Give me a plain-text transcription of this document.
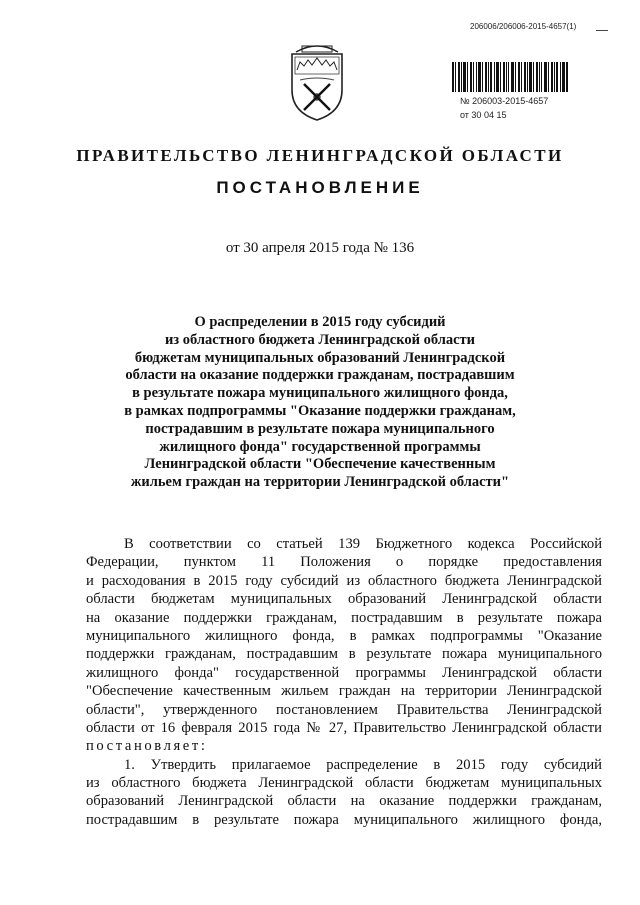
206006/206006-2015-4657(1)
№ 206003-2015-4657
от 30 04 15
ПРАВИТЕЛЬСТВО ЛЕНИНГРАДСКОЙ ОБЛАСТИ
ПОСТАНОВЛЕНИЕ
от 30 апреля 2015 года № 136
О распределении в 2015 году субсидий
из областного бюджета Ленинградской области
бюджетам муниципальных образований Ленинградской
области на оказание поддержки гражданам, пострадавшим
в результате пожара муниципального жилищного фонда,
в рамках подпрограммы "Оказание поддержки гражданам,
пострадавшим в результате пожара муниципального
жилищного фонда" государственной программы
Ленинградской области "Обеспечение качественным
жильем граждан на территории Ленинградской области"
В соответствии со статьей 139 Бюджетного кодекса Российской
Федерации, пунктом 11 Положения о порядке предоставления
и расходования в 2015 году субсидий из областного бюджета Ленинградской
области бюджетам муниципальных образований Ленинградской области
на оказание поддержки гражданам, пострадавшим в результате пожара
муниципального жилищного фонда, в рамках подпрограммы "Оказание
поддержки гражданам, пострадавшим в результате пожара муниципального
жилищного фонда" государственной программы Ленинградской области
"Обеспечение качественным жильем граждан на территории Ленинградской
области", утвержденного постановлением Правительства Ленинградской
области от 16 февраля 2015 года № 27, Правительство Ленинградской области
постановляет:
1. Утвердить прилагаемое распределение в 2015 году субсидий
из областного бюджета Ленинградской области бюджетам муниципальных
образований Ленинградской области на оказание поддержки гражданам,
пострадавшим в результате пожара муниципального жилищного фонда,
